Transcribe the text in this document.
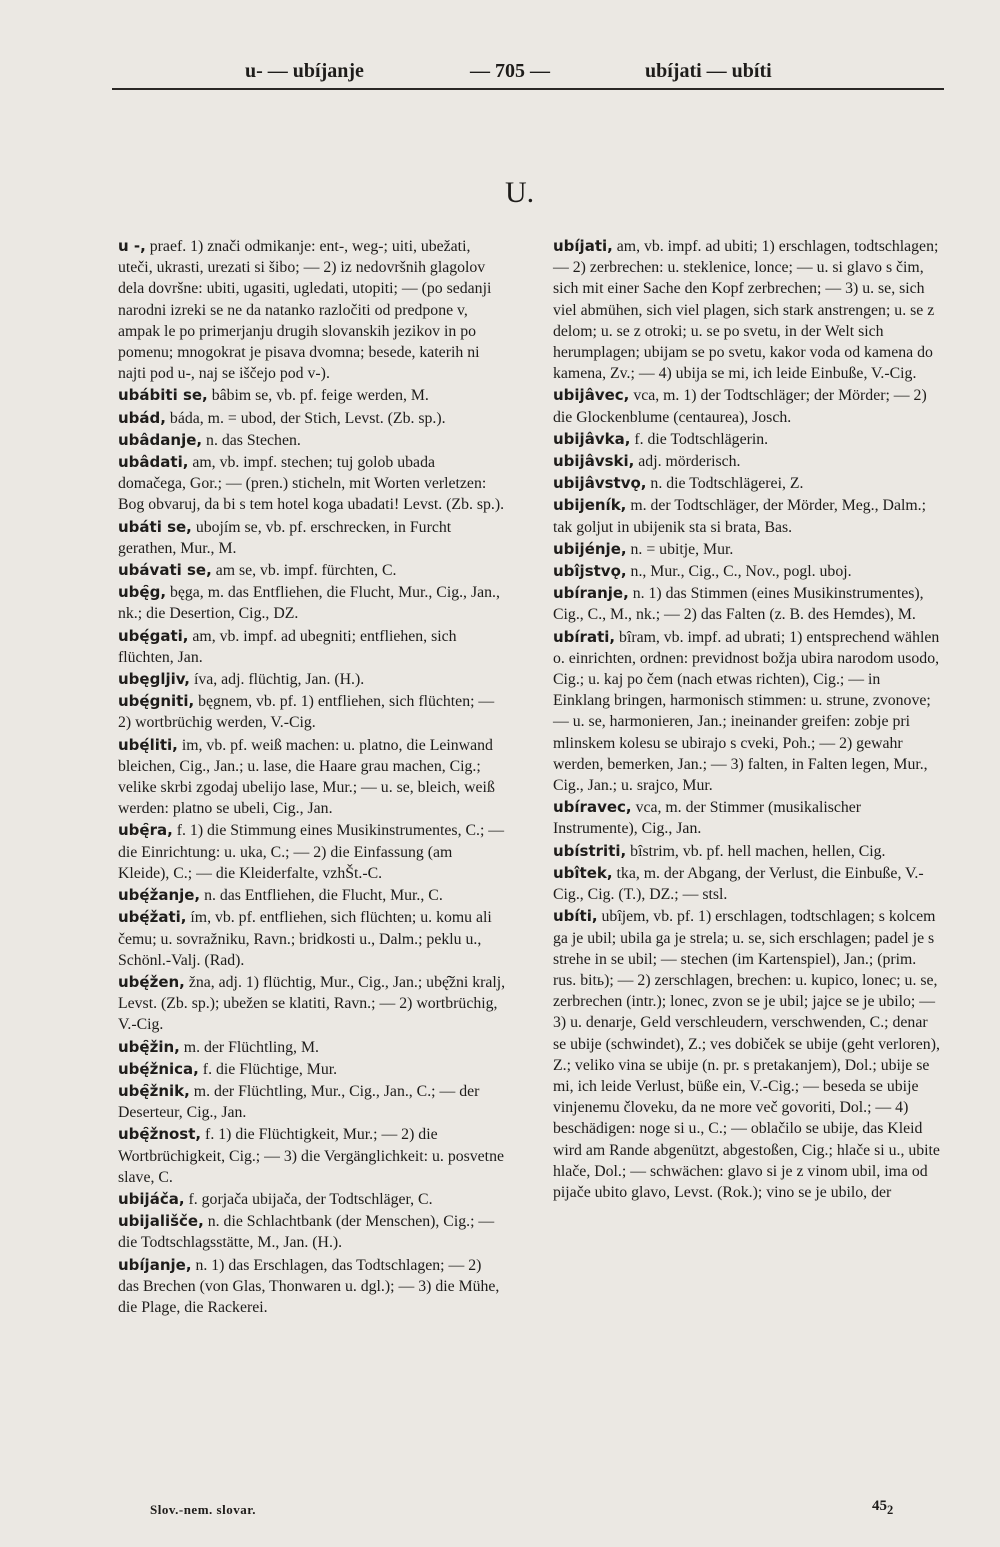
u- — ubíjanje	— 705 —	ubíjati — ubíti
U.
u -, praef. 1) znači odmikanje: ent-, weg-; uiti, ubežati, uteči, ukrasti, urezati si šibo; — 2) iz nedovršnih glagolov dela dovršne: ubiti, ugasiti, ugledati, utopiti; — (po sedanji narodni izreki se ne da natanko razločiti od predpone v, ampak le po primerjanju drugih slovanskih jezikov in po pomenu; mnogokrat je pisava dvomna; besede, katerih ni najti pod u-, naj se iščejo pod v-).
ubábiti se, bâbim se, vb. pf. feige werden, M.
ubád, báda, m. = ubod, der Stich, Levst. (Zb. sp.).
ubâdanje, n. das Stechen.
ubâdati, am, vb. impf. stechen; tuj golob ubada domačega, Gor.; — (pren.) sticheln, mit Worten verletzen: Bog obvaruj, da bi s tem hotel koga ubadati! Levst. (Zb. sp.).
ubáti se, ubojím se, vb. pf. erschrecken, in Furcht gerathen, Mur., M.
ubávati se, am se, vb. impf. fürchten, C.
ubę̑g, bęga, m. das Entfliehen, die Flucht, Mur., Cig., Jan., nk.; die Desertion, Cig., DZ.
ubę́gati, am, vb. impf. ad ubegniti; entfliehen, sich flüchten, Jan.
ubęgljiv, íva, adj. flüchtig, Jan. (H.).
ubę́gniti, bęgnem, vb. pf. 1) entfliehen, sich flüchten; — 2) wortbrüchig werden, V.-Cig.
ubę́liti, im, vb. pf. weiß machen: u. platno, die Leinwand bleichen, Cig., Jan.; u. lase, die Haare grau machen, Cig.; velike skrbi zgodaj ubelijo lase, Mur.; — u. se, bleich, weiß werden: platno se ubeli, Cig., Jan.
ubę̑ra, f. 1) die Stimmung eines Musikinstrumentes, C.; — die Einrichtung: u. uka, C.; — 2) die Einfassung (am Kleide), C.; — die Kleiderfalte, vzhŠt.-C.
ubę́žanje, n. das Entfliehen, die Flucht, Mur., C.
ubę́žati, ím, vb. pf. entfliehen, sich flüchten; u. komu ali čemu; u. sovražniku, Ravn.; bridkosti u., Dalm.; peklu u., Schönl.-Valj. (Rad).
ubę́žen, žna, adj. 1) flüchtig, Mur., Cig., Jan.; ubę̑žni kralj, Levst. (Zb. sp.); ubežen se klatiti, Ravn.; — 2) wortbrüchig, V.-Cig.
ubę̑žin, m. der Flüchtling, M.
ubę́žnica, f. die Flüchtige, Mur.
ubę̑žnik, m. der Flüchtling, Mur., Cig., Jan., C.; — der Deserteur, Cig., Jan.
ubę̑žnost, f. 1) die Flüchtigkeit, Mur.; — 2) die Wortbrüchigkeit, Cig.; — 3) die Vergänglichkeit: u. posvetne slave, C.
ubijáča, f. gorjača ubijača, der Todtschläger, C.
ubijališče, n. die Schlachtbank (der Menschen), Cig.; — die Todtschlagsstätte, M., Jan. (H.).
ubíjanje, n. 1) das Erschlagen, das Todtschlagen; — 2) das Brechen (von Glas, Thonwaren u. dgl.); — 3) die Mühe, die Plage, die Rackerei.
ubíjati, am, vb. impf. ad ubiti; 1) erschlagen, todtschlagen; — 2) zerbrechen: u. steklenice, lonce; — u. si glavo s čim, sich mit einer Sache den Kopf zerbrechen; — 3) u. se, sich viel abmühen, sich viel plagen, sich stark anstrengen; u. se z delom; u. se z otroki; u. se po svetu, in der Welt sich herumplagen; ubijam se po svetu, kakor voda od kamena do kamena, Zv.; — 4) ubija se mi, ich leide Einbuße, V.-Cig.
ubijâvec, vca, m. 1) der Todtschläger; der Mörder; — 2) die Glockenblume (centaurea), Josch.
ubijâvka, f. die Todtschlägerin.
ubijâvski, adj. mörderisch.
ubijâvstvǫ, n. die Todtschlägerei, Z.
ubijeník, m. der Todtschläger, der Mörder, Meg., Dalm.; tak goljut in ubijenik sta si brata, Bas.
ubijénje, n. = ubitje, Mur.
ubîjstvǫ, n., Mur., Cig., C., Nov., pogl. uboj.
ubíranje, n. 1) das Stimmen (eines Musikinstrumentes), Cig., C., M., nk.; — 2) das Falten (z. B. des Hemdes), M.
ubírati, bîram, vb. impf. ad ubrati; 1) entsprechend wählen o. einrichten, ordnen: previdnost božja ubira narodom usodo, Cig.; u. kaj po čem (nach etwas richten), Cig.; — in Einklang bringen, harmonisch stimmen: u. strune, zvonove; — u. se, harmonieren, Jan.; ineinander greifen: zobje pri mlinskem kolesu se ubirajo s cveki, Poh.; — 2) gewahr werden, bemerken, Jan.; — 3) falten, in Falten legen, Mur., Cig., Jan.; u. srajco, Mur.
ubíravec, vca, m. der Stimmer (musikalischer Instrumente), Cig., Jan.
ubístriti, bîstrim, vb. pf. hell machen, hellen, Cig.
ubîtek, tka, m. der Abgang, der Verlust, die Einbuße, V.-Cig., Cig. (T.), DZ.; — stsl.
ubíti, ubîjem, vb. pf. 1) erschlagen, todtschlagen; s kolcem ga je ubil; ubila ga je strela; u. se, sich erschlagen; padel je s strehe in se ubil; — stechen (im Kartenspiel), Jan.; (prim. rus. bitь); — 2) zerschlagen, brechen: u. kupico, lonec; u. se, zerbrechen (intr.); lonec, zvon se je ubil; jajce se je ubilo; — 3) u. denarje, Geld verschleudern, verschwenden, C.; denar se ubije (schwindet), Z.; ves dobiček se ubije (geht verloren), Z.; veliko vina se ubije (n. pr. s pretakanjem), Dol.; ubije se mi, ich leide Verlust, büße ein, V.-Cig.; — beseda se ubije vinjenemu človeku, da ne more več govoriti, Dol.; — 4) beschädigen: noge si u., C.; — oblačilo se ubije, das Kleid wird am Rande abgenützt, abgestoßen, Cig.; hlače si u., ubite hlače, Dol.; — schwächen: glavo si je z vinom ubil, ima od pijače ubito glavo, Levst. (Rok.); vino se je ubilo, der
Slov.-nem. slovar.	$45_2$
